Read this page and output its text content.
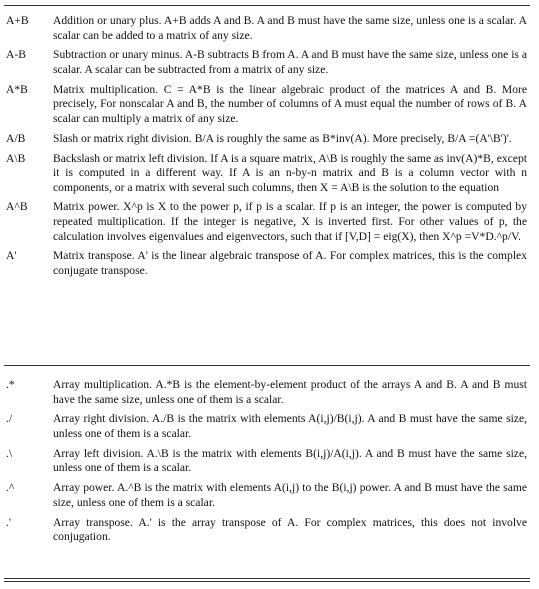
A+B	Addition or unary plus. A+B adds A and B. A and B must have the same size, unless one is a scalar. A scalar can be added to a matrix of any size.
A-B	Subtraction or unary minus. A-B subtracts B from A. A and B must have the same size, unless one is a scalar. A scalar can be subtracted from a matrix of any size.
A*B	Matrix multiplication. C = A*B is the linear algebraic product of the matrices A and B. More precisely, For nonscalar A and B, the number of columns of A must equal the number of rows of B. A scalar can multiply a matrix of any size.
A/B	Slash or matrix right division. B/A is roughly the same as B*inv(A). More precisely, B/A =(A'\B')'.
A\B	Backslash or matrix left division. If A is a square matrix, A\B is roughly the same as inv(A)*B, except it is computed in a different way. If A is an n-by-n matrix and B is a column vector with n components, or a matrix with several such columns, then X = A\B is the solution to the equation
A^B	Matrix power. X^p is X to the power p, if p is a scalar. If p is an integer, the power is computed by repeated multiplication. If the integer is negative, X is inverted first. For other values of p, the calculation involves eigenvalues and eigenvectors, such that if [V,D] = eig(X), then X^p =V*D.^p/V.
A'	Matrix transpose. A' is the linear algebraic transpose of A. For complex matrices, this is the complex conjugate transpose.
.*	Array multiplication. A.*B is the element-by-element product of the arrays A and B. A and B must have the same size, unless one of them is a scalar.
./	Array right division. A./B is the matrix with elements A(i,j)/B(i,j). A and B must have the same size, unless one of them is a scalar.
.\	Array left division. A.\B is the matrix with elements B(i,j)/A(i,j). A and B must have the same size, unless one of them is a scalar.
.^	Array power. A.^B is the matrix with elements A(i,j) to the B(i,j) power. A and B must have the same size, unless one of them is a scalar.
.'	Array transpose. A.' is the array transpose of A. For complex matrices, this does not involve conjugation.
